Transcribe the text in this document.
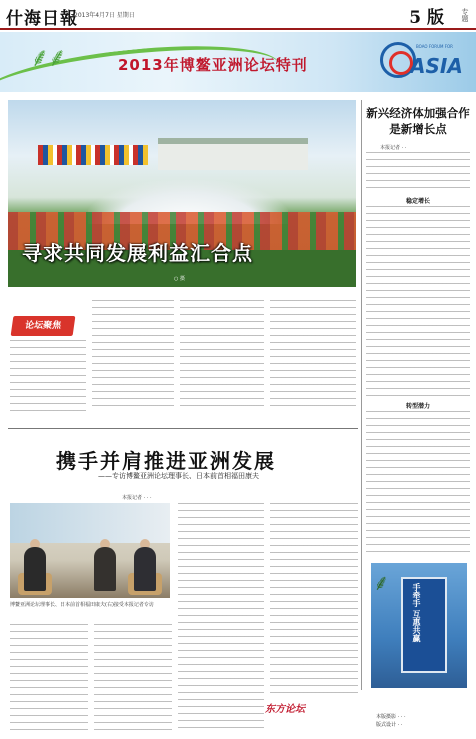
什海日報
2013年4月7日 星期日	5 版 专题
⸙⸙	2013年博鳌亚洲论坛特刊
BOAO FORUM FOR
ASIA
寻求共同发展利益汇合点
○ 摄
新兴经济体加强合作是新增长点
本报记者 · ·
稳定增长
转型潜力
论坛聚焦
携手并肩推进亚洲发展
——专访博鳌亚洲论坛理事长、日本前首相福田康夫
本报记者 · · ·
博鳌亚洲论坛理事长、日本前首相福田康夫(右)接受本报记者专访
东方论坛
⸙	手牵手 互惠共赢
本版摄影 · · ·
版式设计 · ·
